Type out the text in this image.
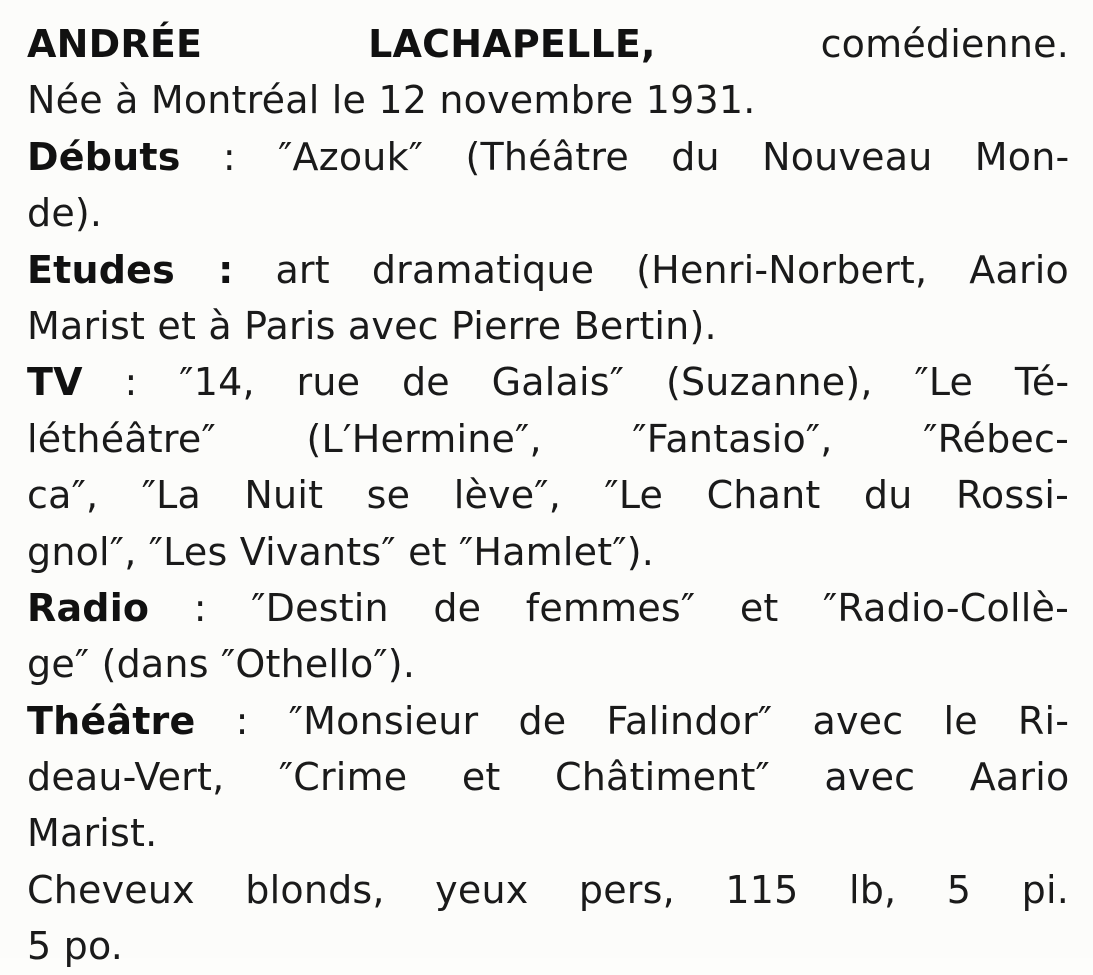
ANDRÉE LACHAPELLE, comédienne.
Née à Montréal le 12 novembre 1931.
Débuts : ″Azouk″ (Théâtre du Nouveau Mon-
de).
Etudes : art dramatique (Henri-Norbert, Aario
Marist et à Paris avec Pierre Bertin).
TV : ″14, rue de Galais″ (Suzanne), ″Le Té-
léthéâtre″ (L′Hermine″, ″Fantasio″, ″Rébec-
ca″, ″La Nuit se lève″, ″Le Chant du Rossi-
gnol″, ″Les Vivants″ et ″Hamlet″).
Radio : ″Destin de femmes″ et ″Radio-Collè-
ge″ (dans ″Othello″).
Théâtre : ″Monsieur de Falindor″ avec le Ri-
deau-Vert, ″Crime et Châtiment″ avec Aario
Marist.
Cheveux blonds, yeux pers, 115 lb, 5 pi.
5 po.
